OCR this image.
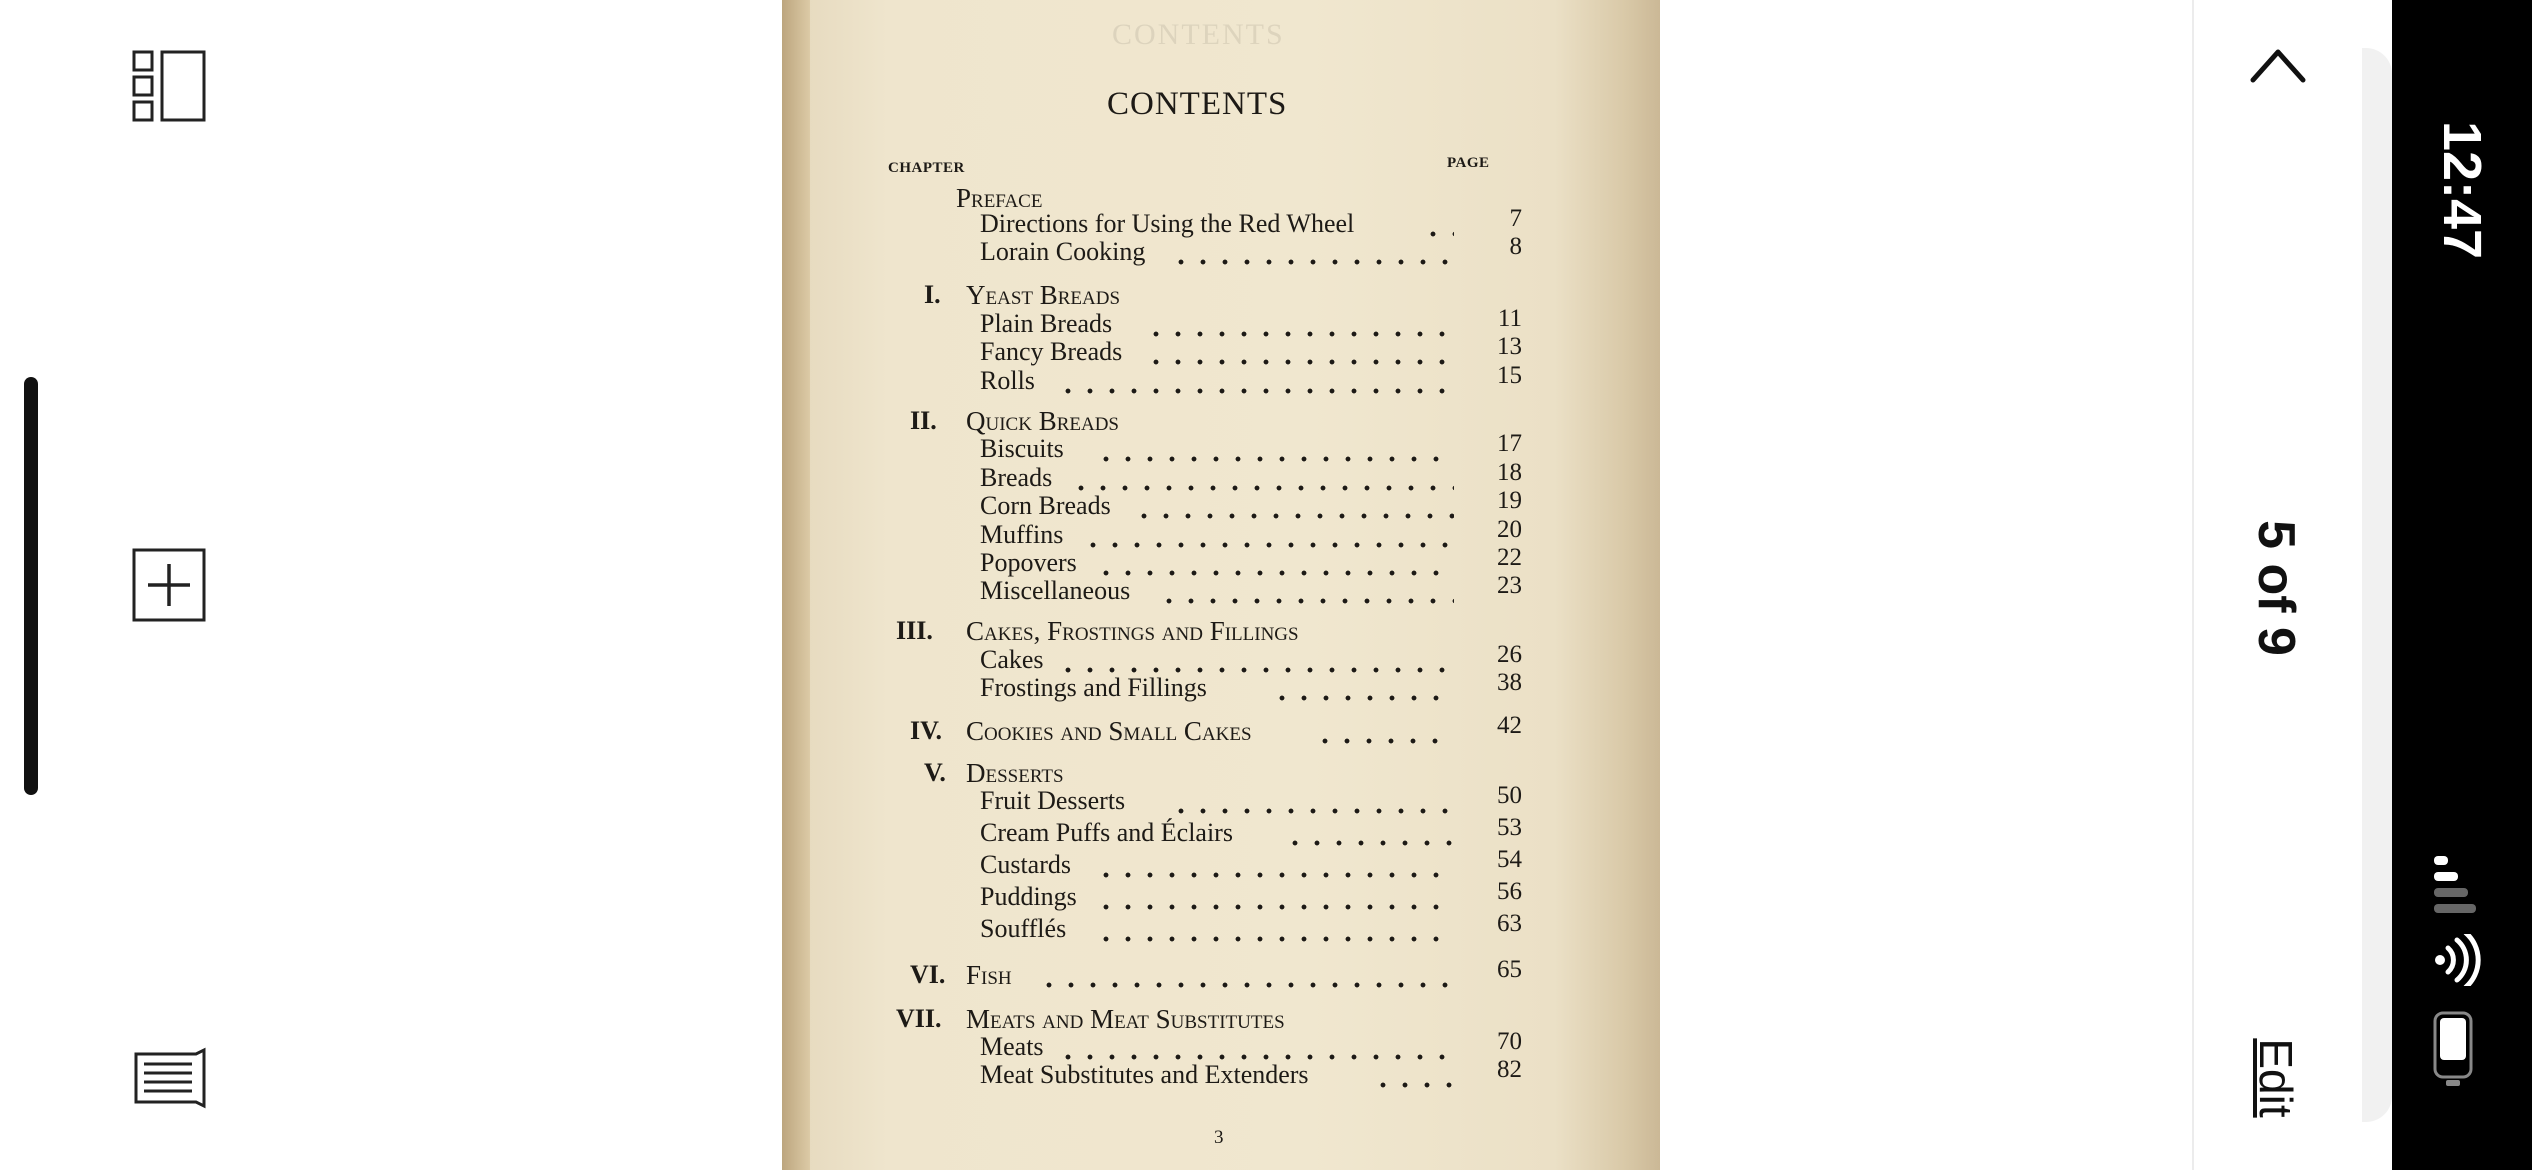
CONTENTS
CONTENTS
CHAPTER	PAGE
Preface
Directions for Using the Red Wheel	7
Lorain Cooking	8
I. Yeast Breads
Plain Breads	11
Fancy Breads	13
Rolls	15
II. Quick Breads
Biscuits	17
Breads	18
Corn Breads	19
Muffins	20
Popovers	22
Miscellaneous	23
III. Cakes, Frostings and Fillings
Cakes	26
Frostings and Fillings	38
IV. Cookies and Small Cakes	42
V. Desserts
Fruit Desserts	50
Cream Puffs and Éclairs	53
Custards	54
Puddings	56
Soufflés	63
VI. Fish	65
VII. Meats and Meat Substitutes
Meats	70
Meat Substitutes and Extenders	82
3
5 of 9
Edit
12:47
